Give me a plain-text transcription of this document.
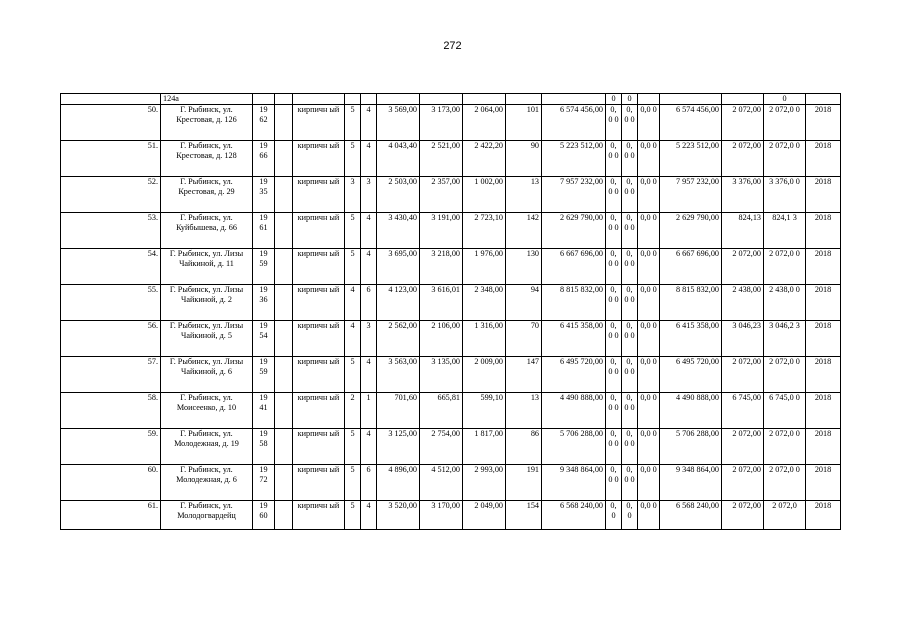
272
	124а											0	0				0	
50.	Г. Рыбинск, ул. Крестовая, д. 126	19 62		кирпичн ый	5	4	3 569,00	3 173,00	2 064,00	101	6 574 456,00	0, 0 0	0, 0 0	0,0 0	6 574 456,00	2 072,00	2 072,0 0	2018
51.	Г. Рыбинск, ул. Крестовая, д. 128	19 66		кирпичн ый	5	4	4 043,40	2 521,00	2 422,20	90	5 223 512,00	0, 0 0	0, 0 0	0,0 0	5 223 512,00	2 072,00	2 072,0 0	2018
52.	Г. Рыбинск, ул. Крестовая, д. 29	19 35		кирпичн ый	3	3	2 503,00	2 357,00	1 002,00	13	7 957 232,00	0, 0 0	0, 0 0	0,0 0	7 957 232,00	3 376,00	3 376,0 0	2018
53.	Г. Рыбинск, ул. Куйбышева, д. 66	19 61		кирпичн ый	5	4	3 430,40	3 191,00	2 723,10	142	2 629 790,00	0, 0 0	0, 0 0	0,0 0	2 629 790,00	824,13	824,1 3	2018
54.	Г. Рыбинск, ул. Лизы Чайкиной, д. 11	19 59		кирпичн ый	5	4	3 695,00	3 218,00	1 976,00	130	6 667 696,00	0, 0 0	0, 0 0	0,0 0	6 667 696,00	2 072,00	2 072,0 0	2018
55.	Г. Рыбинск, ул. Лизы Чайкиной, д. 2	19 36		кирпичн ый	4	6	4 123,00	3 616,01	2 348,00	94	8 815 832,00	0, 0 0	0, 0 0	0,0 0	8 815 832,00	2 438,00	2 438,0 0	2018
56.	Г. Рыбинск, ул. Лизы Чайкиной, д. 5	19 54		кирпичн ый	4	3	2 562,00	2 106,00	1 316,00	70	6 415 358,00	0, 0 0	0, 0 0	0,0 0	6 415 358,00	3 046,23	3 046,2 3	2018
57.	Г. Рыбинск, ул. Лизы Чайкиной, д. 6	19 59		кирпичн ый	5	4	3 563,00	3 135,00	2 009,00	147	6 495 720,00	0, 0 0	0, 0 0	0,0 0	6 495 720,00	2 072,00	2 072,0 0	2018
58.	Г. Рыбинск, ул. Моисеенко, д. 10	19 41		кирпичн ый	2	1	701,60	665,81	599,10	13	4 490 888,00	0, 0 0	0, 0 0	0,0 0	4 490 888,00	6 745,00	6 745,0 0	2018
59.	Г. Рыбинск, ул. Молодежная, д. 19	19 58		кирпичн ый	5	4	3 125,00	2 754,00	1 817,00	86	5 706 288,00	0, 0 0	0, 0 0	0,0 0	5 706 288,00	2 072,00	2 072,0 0	2018
60.	Г. Рыбинск, ул. Молодежная, д. 6	19 72		кирпичн ый	5	6	4 896,00	4 512,00	2 993,00	191	9 348 864,00	0, 0 0	0, 0 0	0,0 0	9 348 864,00	2 072,00	2 072,0 0	2018
61.	Г. Рыбинск, ул. Молодогвардейц	19 60		кирпичн ый	5	4	3 520,00	3 170,00	2 049,00	154	6 568 240,00	0, 0	0, 0	0,0 0	6 568 240,00	2 072,00	2 072,0	2018
